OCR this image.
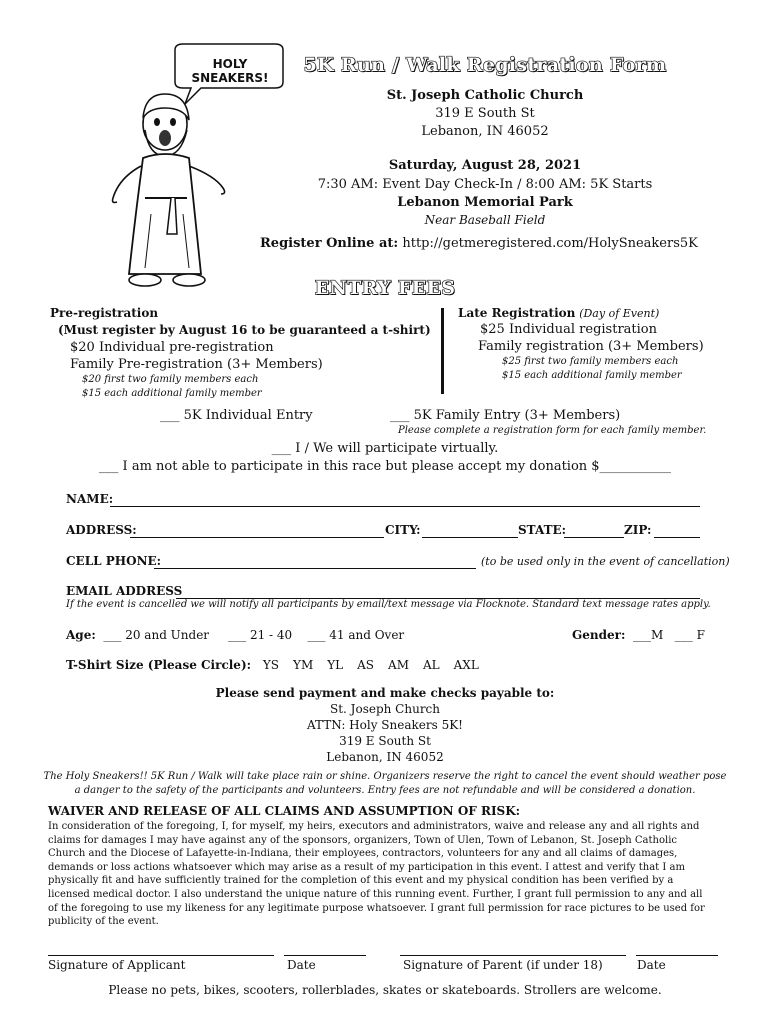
HOLY SNEAKERS!
5K Run / Walk Registration Form
St. Joseph Catholic Church
319 E South St
Lebanon, IN 46052
Saturday, August 28, 2021
7:30 AM: Event Day Check-In / 8:00 AM: 5K Starts
Lebanon Memorial Park
Near Baseball Field
Register Online at: http://getmeregistered.com/HolySneakers5K
ENTRY FEES
Pre-registration
(Must register by August 16 to be guaranteed a t-shirt)
$20 Individual pre-registration
Family Pre-registration (3+ Members)
$20 first two family members each
$15 each additional family member
Late Registration (Day of Event)
$25 Individual registration
Family registration (3+ Members)
$25 first two family members each
$15 each additional family member
___ 5K Individual Entry	___ 5K Family Entry (3+ Members)
Please complete a registration form for each family member.
___ I / We will participate virtually.
___ I am not able to participate in this race but please accept my donation $___________
NAME:
ADDRESS:	CITY:	STATE:	ZIP:
CELL PHONE:	(to be used only in the event of cancellation)
EMAIL ADDRESS
If the event is cancelled we will notify all participants by email/text message via Flocknote. Standard text message rates apply.
Age: ___ 20 and Under ___ 21 - 40 ___ 41 and Over	Gender: ___M ___ F
T-Shirt Size (Please Circle): YS YM YL AS AM AL AXL
Please send payment and make checks payable to:
St. Joseph Church
ATTN: Holy Sneakers 5K!
319 E South St
Lebanon, IN 46052
The Holy Sneakers!! 5K Run / Walk will take place rain or shine. Organizers reserve the right to cancel the event should weather pose
a danger to the safety of the participants and volunteers. Entry fees are not refundable and will be considered a donation.
WAIVER AND RELEASE OF ALL CLAIMS AND ASSUMPTION OF RISK:
In consideration of the foregoing, I, for myself, my heirs, executors and administrators, waive and release any and all rights and
claims for damages I may have against any of the sponsors, organizers, Town of Ulen, Town of Lebanon, St. Joseph Catholic
Church and the Diocese of Lafayette-in-Indiana, their employees, contractors, volunteers for any and all claims of damages,
demands or loss actions whatsoever which may arise as a result of my participation in this event. I attest and verify that I am
physically fit and have sufficiently trained for the completion of this event and my physical condition has been verified by a
licensed medical doctor. I also understand the unique nature of this running event. Further, I grant full permission to any and all
of the foregoing to use my likeness for any legitimate purpose whatsoever. I grant full permission for race pictures to be used for
publicity of the event.
Signature of Applicant	Date	Signature of Parent (if under 18)	Date
Please no pets, bikes, scooters, rollerblades, skates or skateboards. Strollers are welcome.
